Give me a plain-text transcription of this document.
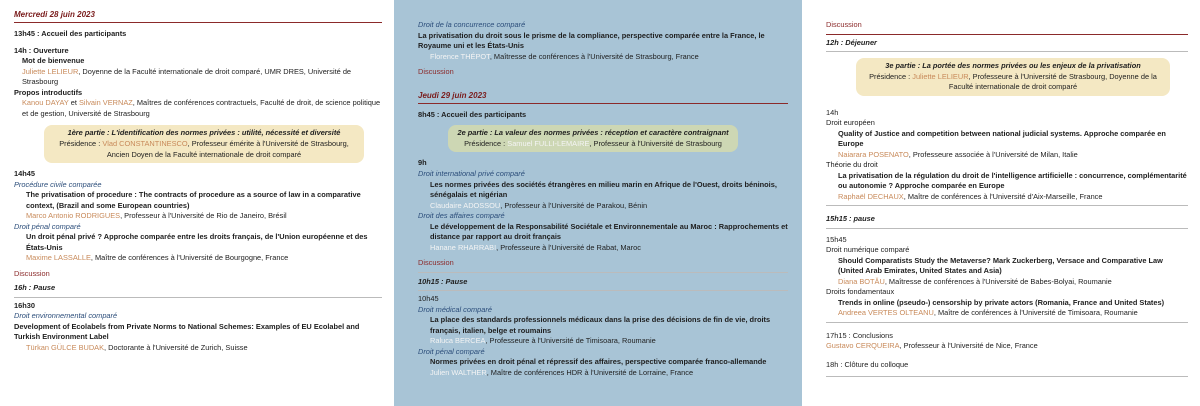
Mercredi 28 juin 2023
13h45 : Accueil des participants
14h : Ouverture
Mot de bienvenue
Juliette LELIEUR, Doyenne de la Faculté internationale de droit comparé, UMR DRES, Université de Strasbourg
Propos introductifs
Kanou DAYAY et Silvain VERNAZ, Maîtres de conférences contractuels, Faculté de droit, de science politique et de gestion, Université de Strasbourg
1ère partie : L'identification des normes privées : utilité, nécessité et diversité
Présidence : Vlad CONSTANTINESCO, Professeur émérite à l'Université de Strasbourg, Ancien Doyen de la Faculté internationale de droit comparé
14h45
Procédure civile comparée
The privatisation of procedure : The contracts of procedure as a source of law in a comparative context, (Brazil and some European countries)
Marco Antonio RODRIGUES, Professeur à l'Université de Rio de Janeiro, Brésil
Droit pénal comparé
Un droit pénal privé ? Approche comparée entre les droits français, de l'Union européenne et des États-Unis
Maxime LASSALLE, Maître de conférences à l'Université de Bourgogne, France
Discussion
16h : Pause
16h30
Droit environnemental comparé
Development of Ecolabels from Private Norms to National Schemes: Examples of EU Ecolabel and Turkish Environment Label
Türkan GÜLCE BUDAK, Doctorante à l'Université de Zurich, Suisse
Droit de la concurrence comparé
La privatisation du droit sous le prisme de la compliance, perspective comparée entre la France, le Royaume uni et les États-Unis
Florence THÉPOT, Maîtresse de conférences à l'Université de Strasbourg, France
Discussion
Jeudi 29 juin 2023
8h45 : Accueil des participants
2e partie : La valeur des normes privées : réception et caractère contraignant
Présidence : Samuel FULLI-LEMAIRE, Professeur à l'Université de Strasbourg
9h
Droit international privé comparé
Les normes privées des sociétés étrangères en milieu marin en Afrique de l'Ouest, droits béninois, sénégalais et nigérian
Claudaire ADOSSOU, Professeur à l'Université de Parakou, Bénin
Droit des affaires comparé
Le développement de la Responsabilité Sociétale et Environnementale au Maroc : Rapprochements et distance par rapport au droit français
Hanane RHARRABI, Professeure à l'Université de Rabat, Maroc
Discussion
10h15 : Pause
10h45
Droit médical comparé
La place des standards professionnels médicaux dans la prise des décisions de fin de vie, droits français, italien, belge et roumains
Raluca BERCEA, Professeure à l'Université de Timisoara, Roumanie
Droit pénal comparé
Normes privées en droit pénal et répressif des affaires, perspective comparée franco-allemande
Julien WALTHER, Maître de conférences HDR à l'Université de Lorraine, France
Discussion
12h : Déjeuner
3e partie : La portée des normes privées ou les enjeux de la privatisation
Présidence : Juliette LELIEUR, Professeure à l'Université de Strasbourg, Doyenne de la Faculté internationale de droit comparé
14h
Droit européen
Quality of Justice and competition between national judicial systems. Approche comparée en Europe
Naiarara POSENATO, Professeure associée à l'Université de Milan, Italie
Théorie du droit
La privatisation de la régulation du droit de l'intelligence artificielle : concurrence, complémentarité ou autonomie ? Approche comparée en Europe
Raphaël DECHAUX, Maître de conférences à l'Université d'Aix-Marseille, France
15h15 : pause
15h45
Droit numérique comparé
Should Comparatists Study the Metaverse? Mark Zuckerberg, Versace and Comparative Law (United Arab Emirates, United States and Asia)
Diana BOTĂU, Maîtresse de conférences à l'Université de Babes-Bolyai, Roumanie
Droits fondamentaux
Trends in online (pseudo-) censorship by private actors (Romania, France and United States)
Andreea VERTES OLTEANU, Maître de conférences à l'Université de Timisoara, Roumanie
17h15 : Conclusions
Gustavo CERQUEIRA, Professeur à l'Université de Nice, France
18h : Clôture du colloque
